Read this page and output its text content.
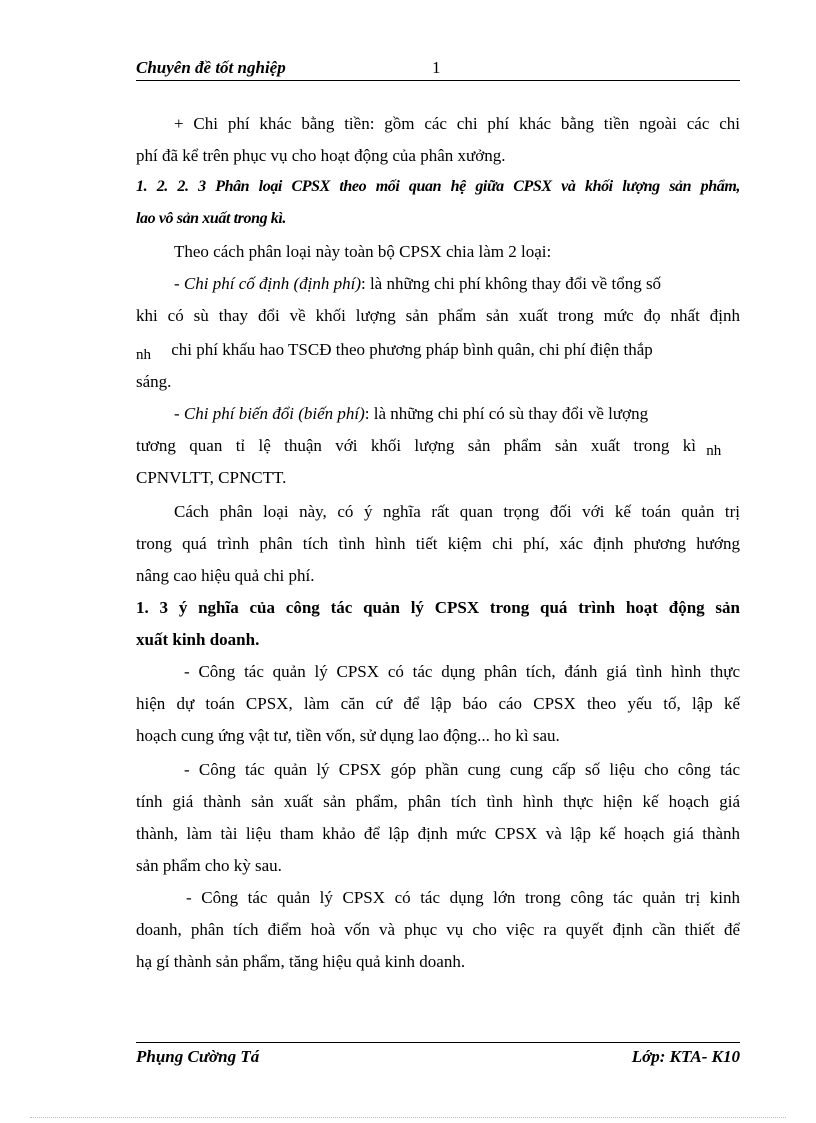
Chuyên đề tốt nghiệp	1
+ Chi phí khác bằng tiền: gồm các chi phí khác bằng tiền ngoài các chi
phí đã kể trên phục vụ cho hoạt động của phân xưởng.
1. 2. 2. 3 Phân loại CPSX theo mối quan hệ giữa CPSX và khối lượng sản phẩm,
lao vô sản xuất trong kì.
Theo cách phân loại này toàn bộ CPSX chia làm 2 loại:
- Chi phí cố định (định phí): là những chi phí không thay đổi về tổng số
khi có sù thay đổi về khối lượng sản phẩm sản xuất trong mức đọ nhất định
nh chi phí khấu hao TSCĐ theo phương pháp bình quân, chi phí điện thắp
sáng.
- Chi phí biến đổi (biến phí): là những chi phí có sù thay đổi về lượng
tương quan tỉ lệ thuận với khối lượng sản phẩm sản xuất trong kì nh
CPNVLTT, CPNCTT.
Cách phân loại này, có ý nghĩa rất quan trọng đối với kế toán quản trị
trong quá trình phân tích tình hình tiết kiệm chi phí, xác định phương hướng
nâng cao hiệu quả chi phí.
1. 3 ý nghĩa của công tác quản lý CPSX trong quá trình hoạt động sản
xuất kinh doanh.
- Công tác quản lý CPSX có tác dụng phân tích, đánh giá tình hình thực
hiện dự toán CPSX, làm căn cứ để lập báo cáo CPSX theo yếu tố, lập kế
hoạch cung ứng vật tư, tiền vốn, sử dụng lao động... ho kì sau.
- Công tác quản lý CPSX góp phần cung cung cấp số liệu cho công tác
tính giá thành sản xuất sản phẩm, phân tích tình hình thực hiện kế hoạch giá
thành, làm tài liệu tham khảo để lập định mức CPSX và lập kế hoạch giá thành
sản phẩm cho kỳ sau.
- Công tác quản lý CPSX có tác dụng lớn trong công tác quản trị kinh
doanh, phân tích điểm hoà vốn và phục vụ cho việc ra quyết định cần thiết để
hạ gí thành sản phẩm, tăng hiệu quả kinh doanh.
Phụng Cường Tá	Lớp: KTA- K10
